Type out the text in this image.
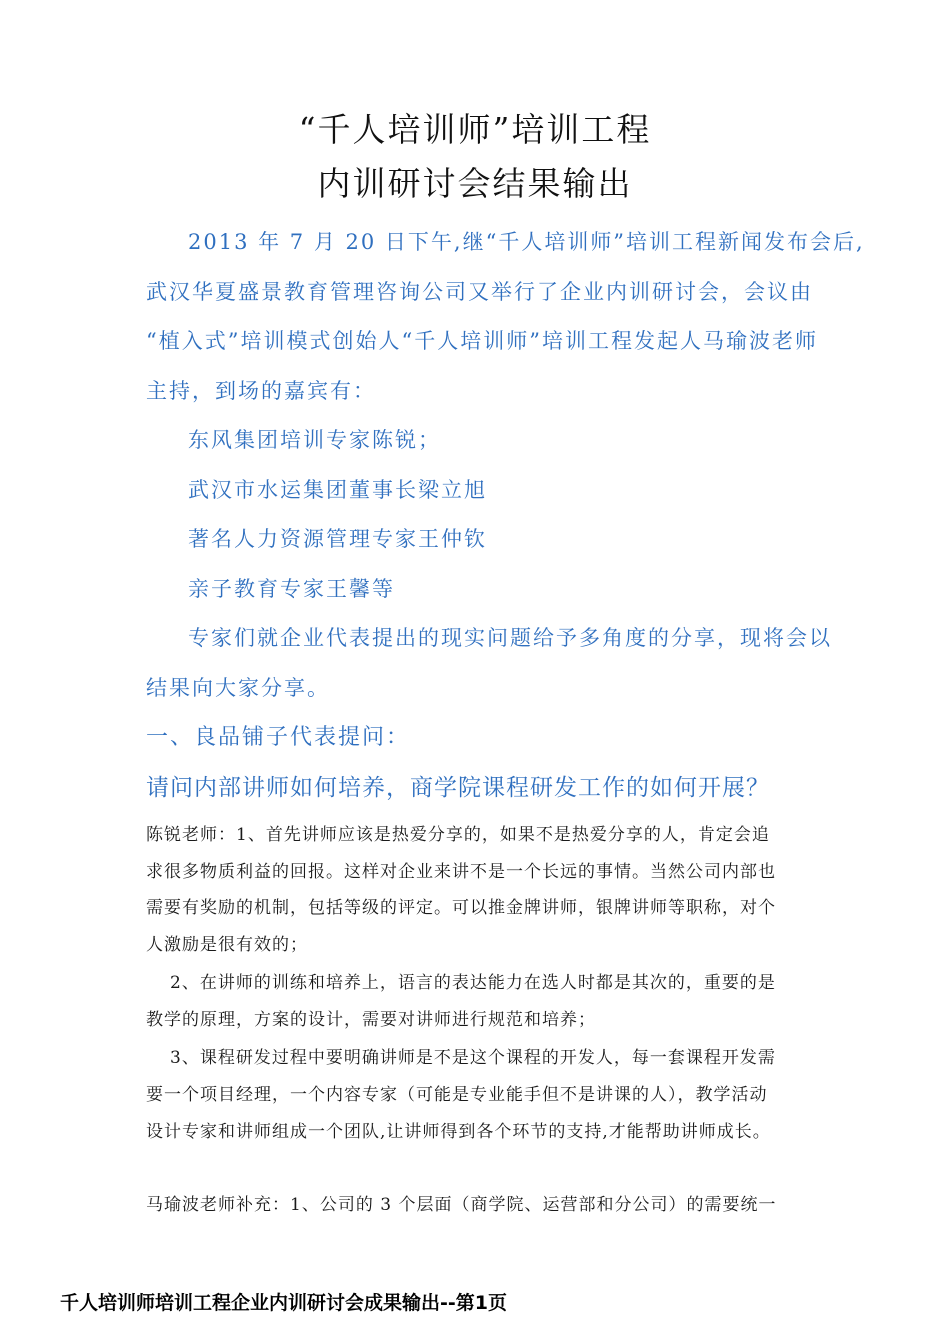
“千人培训师”培训工程
内训研讨会结果输出
2013 年 7 月 20 日下午,继“千人培训师”培训工程新闻发布会后,
武汉华夏盛景教育管理咨询公司又举行了企业内训研讨会，会议由
“植入式”培训模式创始人“千人培训师”培训工程发起人马瑜波老师
主持，到场的嘉宾有：
东风集团培训专家陈锐；
武汉市水运集团董事长梁立旭
著名人力资源管理专家王仲钦
亲子教育专家王馨等
专家们就企业代表提出的现实问题给予多角度的分享，现将会以
结果向大家分享。
一、良品铺子代表提问：
请问内部讲师如何培养，商学院课程研发工作的如何开展？
陈锐老师：1、首先讲师应该是热爱分享的，如果不是热爱分享的人，肯定会追
求很多物质利益的回报。这样对企业来讲不是一个长远的事情。当然公司内部也
需要有奖励的机制，包括等级的评定。可以推金牌讲师，银牌讲师等职称，对个
人激励是很有效的；
2、在讲师的训练和培养上，语言的表达能力在选人时都是其次的，重要的是
教学的原理，方案的设计，需要对讲师进行规范和培养；
3、课程研发过程中要明确讲师是不是这个课程的开发人，每一套课程开发需
要一个项目经理，一个内容专家（可能是专业能手但不是讲课的人），教学活动
设计专家和讲师组成一个团队,让讲师得到各个环节的支持,才能帮助讲师成长。
马瑜波老师补充：1、公司的 3 个层面（商学院、运营部和分公司）的需要统一
千人培训师培训工程企业内训研讨会成果输出--第1页
